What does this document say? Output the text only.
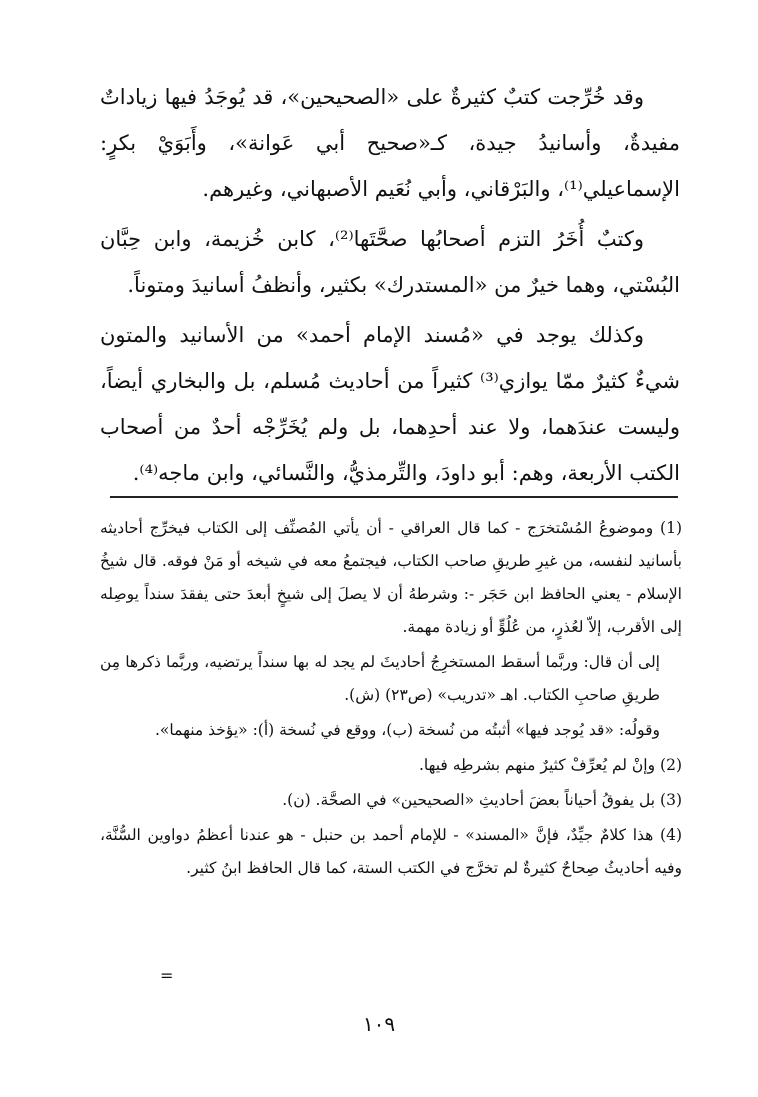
وقد خُرِّجت كتبٌ كثيرةٌ على «الصحيحين»، قد يُوجَدُ فيها زياداتٌ مفيدةٌ، وأسانيدُ جيدة، كـ«صحيح أبي عَوانة»، وأَبَوَيْ بكرٍ: الإسماعيلي⁽¹⁾، والبَرْقاني، وأبي نُعَيم الأصبهاني، وغيرهم.

وكتبٌ أُخَرُ التزم أصحابُها صحَّتَها⁽²⁾، كابن خُزيمة، وابن حِبَّان البُسْتي، وهما خيرٌ من «المستدرك» بكثير، وأنظفُ أسانيدَ ومتوناً.

وكذلك يوجد في «مُسند الإمام أحمد» من الأسانيد والمتون شيءٌ كثيرٌ ممّا يوازي⁽³⁾ كثيراً من أحاديث مُسلم، بل والبخاري أيضاً، وليست عندَهما، ولا عند أحدِهما، بل ولم يُخَرِّجْه أحدٌ من أصحاب الكتب الأربعة، وهم: أبو داودَ، والتِّرمذيُّ، والنَّسائي، وابن ماجه⁽⁴⁾.

(1) وموضوعُ المُسْتخرَج - كما قال العراقي - أن يأتي المُصنِّف إلى الكتاب فيخرِّج أحاديثه بأسانيد لنفسه، من غيرِ طريقِ صاحب الكتاب، فيجتمعُ معه في شيخه أو مَنْ فوقه. قال شيخُ الإسلام - يعني الحافظ ابن حَجَر -: وشرطهُ أن لا يصلَ إلى شيخٍ أبعدَ حتى يفقدَ سنداً يوصِله إلى الأقرب، إلاّ لعُذرٍ، من عُلُوٍّ أو زيادة مهمة.

إلى أن قال: وربَّما أسقط المستخرِجُ أحاديثَ لم يجد له بها سنداً يرتضيه، وربَّما ذكرها مِن طريقِ صاحبِ الكتاب. اهـ «تدريب» (ص٢٣) (ش).

وقولُه: «قد يُوجد فيها» أثبتُه من نُسخة (ب)، ووقع في نُسخة (أ): «يؤخذ منهما».

(2) وإنْ لم يُعرِّفْ كثيرٌ منهم بشرطِه فيها.

(3) بل يفوقُ أحياناً بعضَ أحاديثِ «الصحيحين» في الصحَّة. (ن).

(4) هذا كلامٌ جيِّدٌ، فإنَّ «المسند» - للإمام أحمد بن حنبل - هو عندنا أعظمُ دواوين السُّنَّة، وفيه أحاديثُ صِحاحٌ كثيرةٌ لم تخرَّج في الكتب الستة، كما قال الحافظ ابنُ كثير.

=
١٠٩
